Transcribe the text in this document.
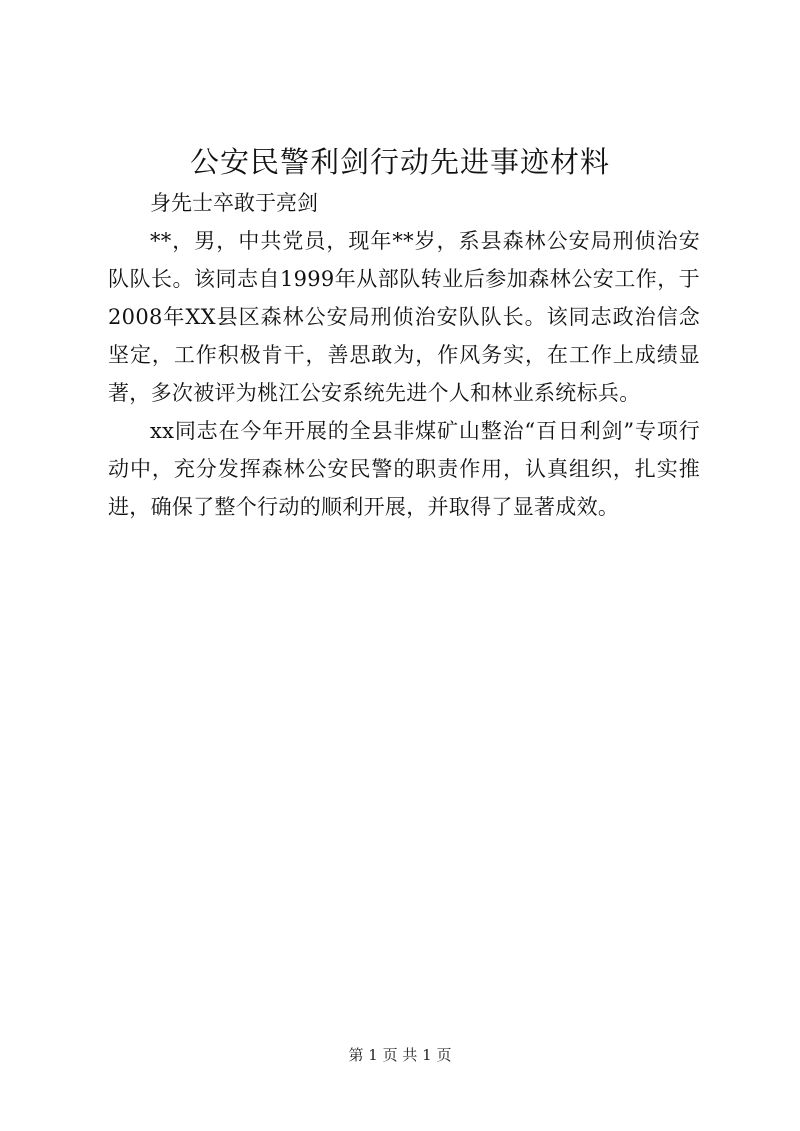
公安民警利剑行动先进事迹材料

身先士卒敢于亮剑

**，男，中共党员，现年**岁，系县森林公安局刑侦治安队队长。该同志自1999年从部队转业后参加森林公安工作，于2008年XX县区森林公安局刑侦治安队队长。该同志政治信念坚定，工作积极肯干，善思敢为，作风务实，在工作上成绩显著，多次被评为桃江公安系统先进个人和林业系统标兵。

xx同志在今年开展的全县非煤矿山整治“百日利剑”专项行动中，充分发挥森林公安民警的职责作用，认真组织，扎实推进，确保了整个行动的顺利开展，并取得了显著成效。

第 1 页 共 1 页
